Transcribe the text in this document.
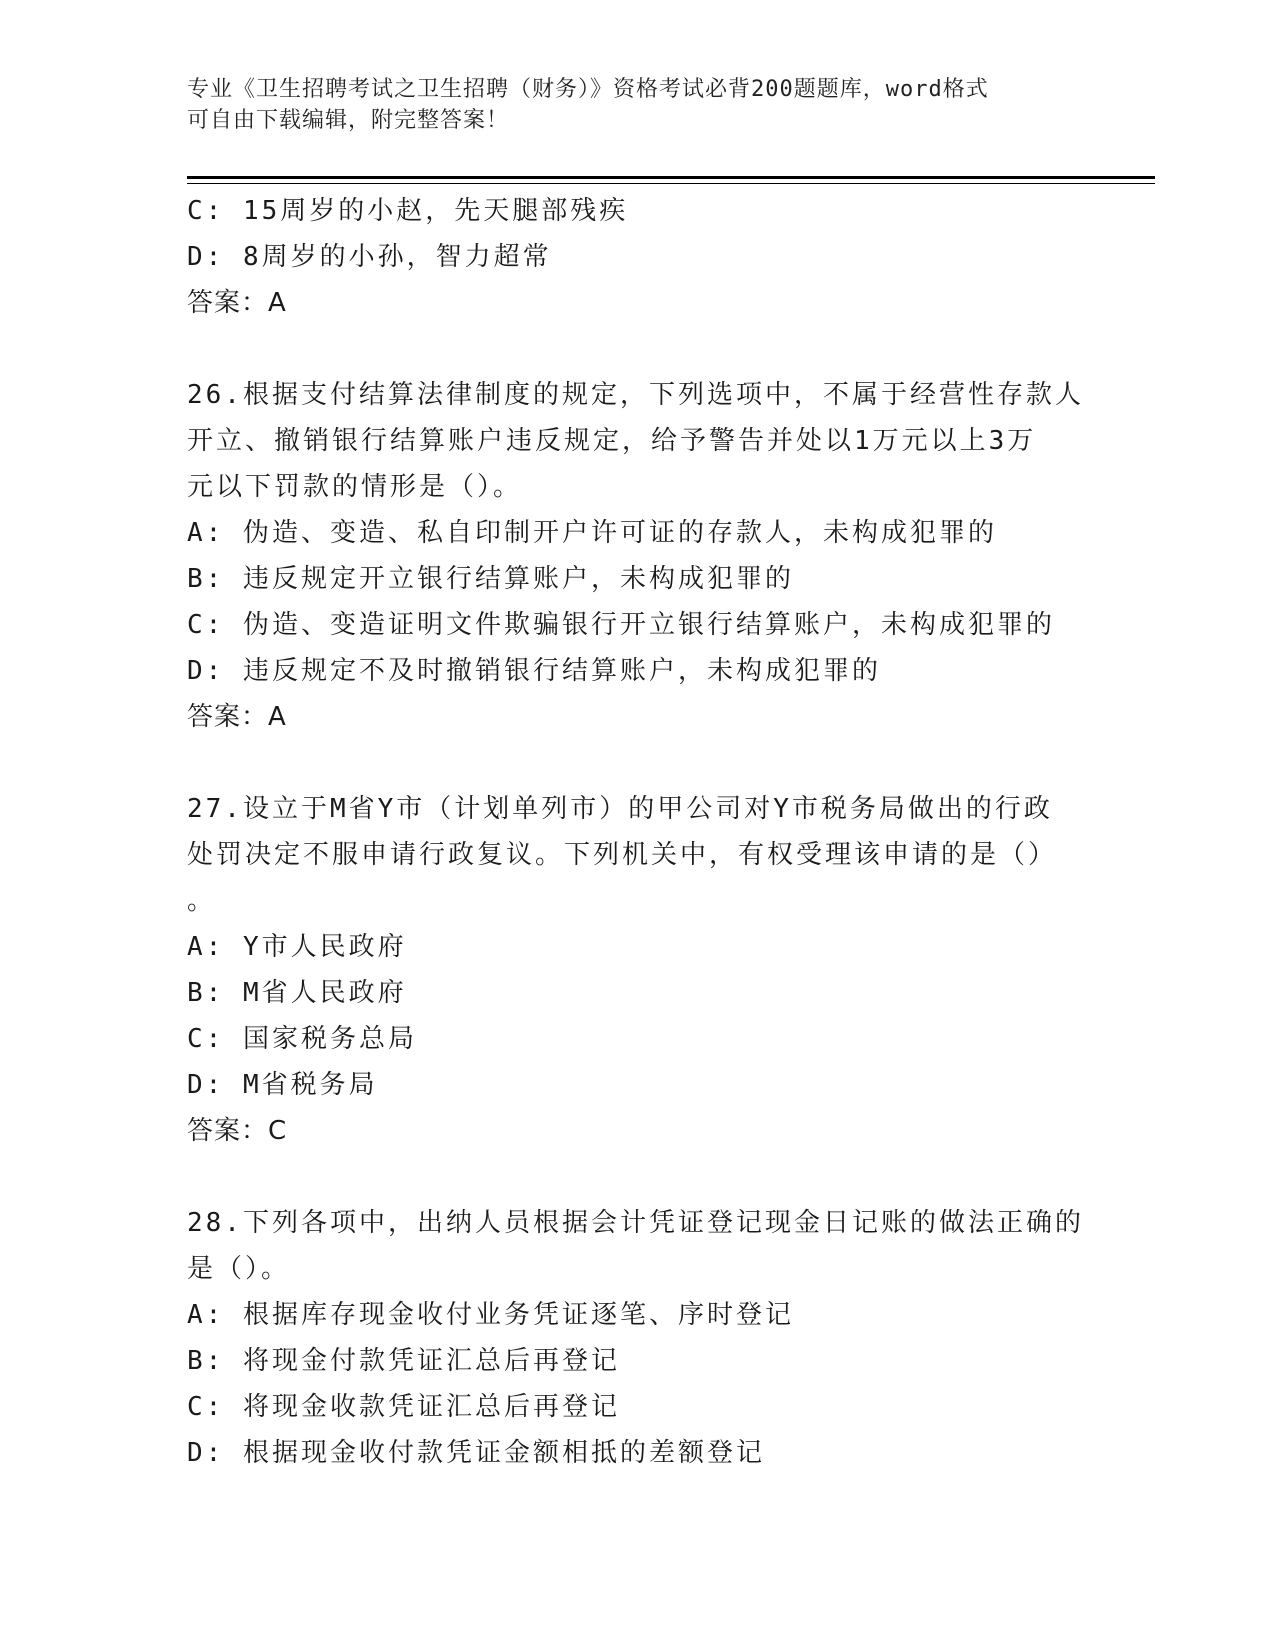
专业《卫生招聘考试之卫生招聘（财务）》资格考试必背200题题库，word格式
可自由下载编辑，附完整答案！
C: 15周岁的小赵，先天腿部残疾
D: 8周岁的小孙，智力超常
答案：A
26.根据支付结算法律制度的规定，下列选项中，不属于经营性存款人
开立、撤销银行结算账户违反规定，给予警告并处以1万元以上3万
元以下罚款的情形是（）。
A: 伪造、变造、私自印制开户许可证的存款人，未构成犯罪的
B: 违反规定开立银行结算账户，未构成犯罪的
C: 伪造、变造证明文件欺骗银行开立银行结算账户，未构成犯罪的
D: 违反规定不及时撤销银行结算账户，未构成犯罪的
答案：A
27.设立于M省Y市（计划单列市）的甲公司对Y市税务局做出的行政
处罚决定不服申请行政复议。下列机关中，有权受理该申请的是（）
。
A: Y市人民政府
B: M省人民政府
C: 国家税务总局
D: M省税务局
答案：C
28.下列各项中，出纳人员根据会计凭证登记现金日记账的做法正确的
是（）。
A: 根据库存现金收付业务凭证逐笔、序时登记
B: 将现金付款凭证汇总后再登记
C: 将现金收款凭证汇总后再登记
D: 根据现金收付款凭证金额相抵的差额登记
